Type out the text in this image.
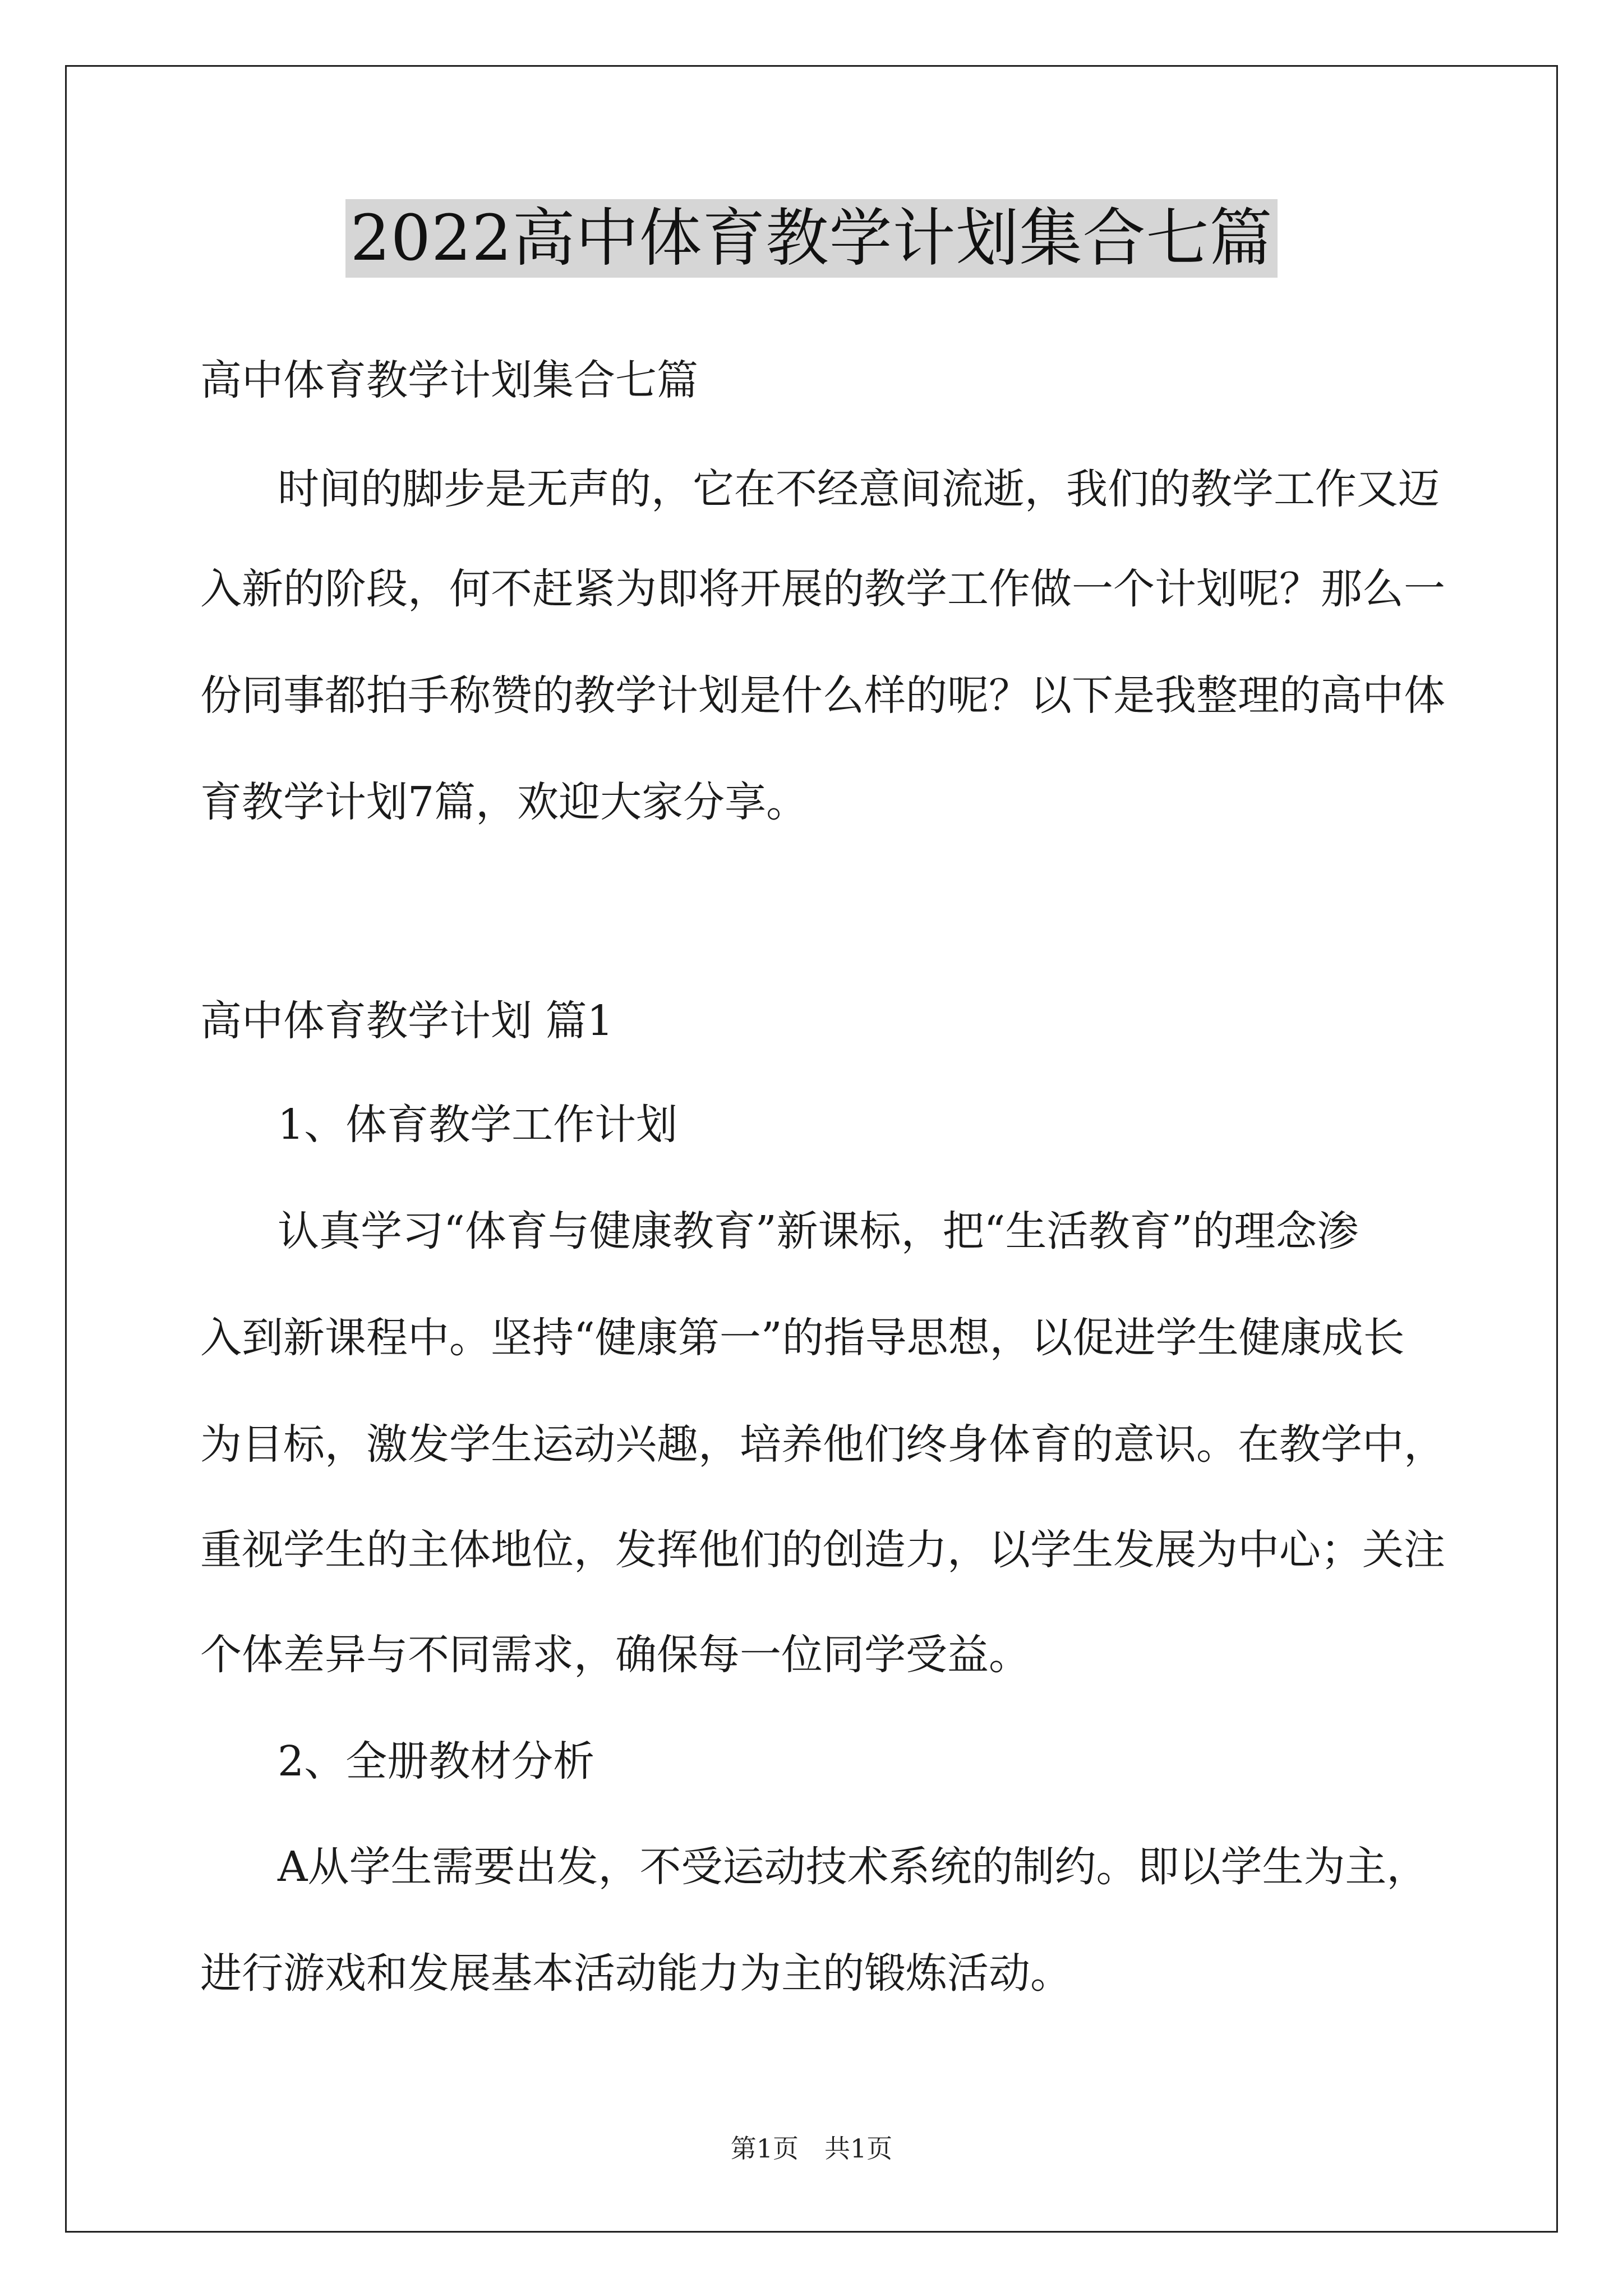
2022高中体育教学计划集合七篇
高中体育教学计划集合七篇
时间的脚步是无声的，它在不经意间流逝，我们的教学工作又迈
入新的阶段，何不赶紧为即将开展的教学工作做一个计划呢？那么一
份同事都拍手称赞的教学计划是什么样的呢？以下是我整理的高中体
育教学计划7篇，欢迎大家分享。
高中体育教学计划 篇1
1、体育教学工作计划
认真学习“体育与健康教育”新课标，把“生活教育”的理念渗
入到新课程中。坚持“健康第一”的指导思想，以促进学生健康成长
为目标，激发学生运动兴趣，培养他们终身体育的意识。在教学中，
重视学生的主体地位，发挥他们的创造力，以学生发展为中心；关注
个体差异与不同需求，确保每一位同学受益。
2、全册教材分析
A从学生需要出发，不受运动技术系统的制约。即以学生为主，
进行游戏和发展基本活动能力为主的锻炼活动。
第1页　共1页
